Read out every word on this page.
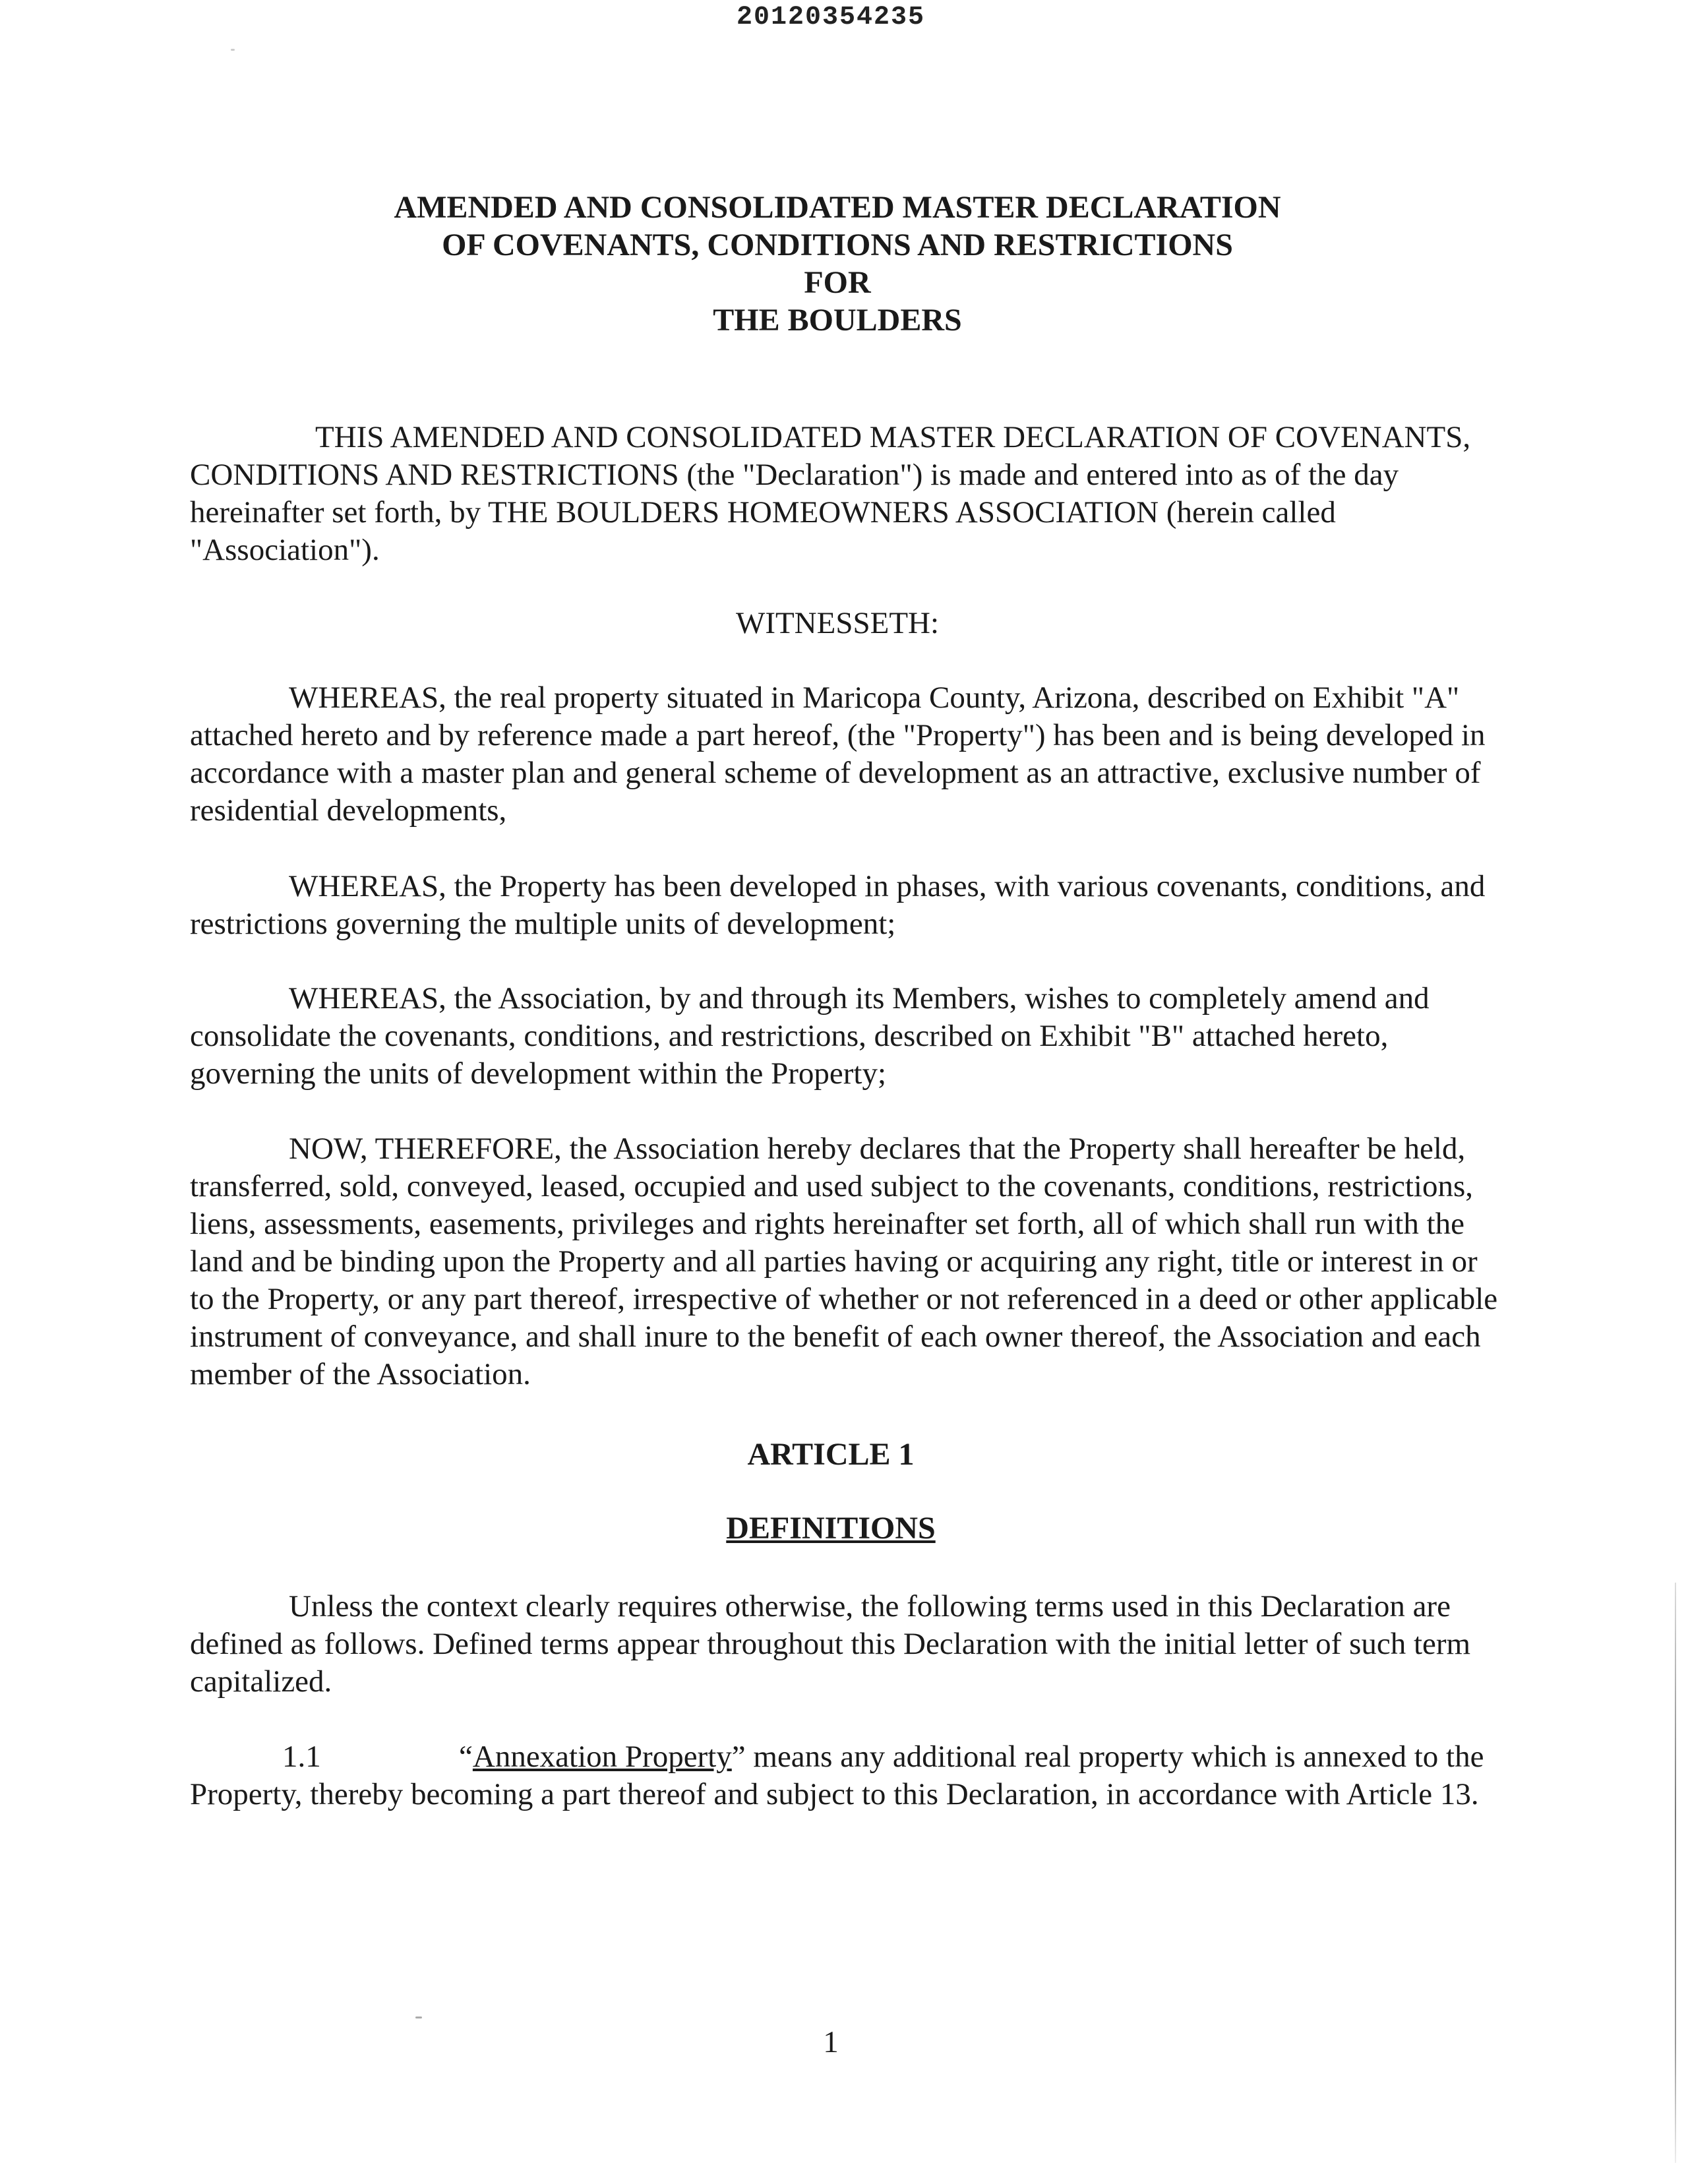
20120354235
AMENDED AND CONSOLIDATED MASTER DECLARATION
OF COVENANTS, CONDITIONS AND RESTRICTIONS
FOR
THE BOULDERS

THIS AMENDED AND CONSOLIDATED MASTER DECLARATION OF COVENANTS, CONDITIONS AND RESTRICTIONS (the "Declaration") is made and entered into as of the day hereinafter set forth, by THE BOULDERS HOMEOWNERS ASSOCIATION (herein called "Association").

WITNESSETH:

WHEREAS, the real property situated in Maricopa County, Arizona, described on Exhibit "A" attached hereto and by reference made a part hereof, (the "Property") has been and is being developed in accordance with a master plan and general scheme of development as an attractive, exclusive number of residential developments,

WHEREAS, the Property has been developed in phases, with various covenants, conditions, and restrictions governing the multiple units of development;

WHEREAS, the Association, by and through its Members, wishes to completely amend and consolidate the covenants, conditions, and restrictions, described on Exhibit "B" attached hereto, governing the units of development within the Property;

NOW, THEREFORE, the Association hereby declares that the Property shall hereafter be held, transferred, sold, conveyed, leased, occupied and used subject to the covenants, conditions, restrictions, liens, assessments, easements, privileges and rights hereinafter set forth, all of which shall run with the land and be binding upon the Property and all parties having or acquiring any right, title or interest in or to the Property, or any part thereof, irrespective of whether or not referenced in a deed or other applicable instrument of conveyance, and shall inure to the benefit of each owner thereof, the Association and each member of the Association.

ARTICLE 1
DEFINITIONS

Unless the context clearly requires otherwise, the following terms used in this Declaration are defined as follows. Defined terms appear throughout this Declaration with the initial letter of such term capitalized.

1.1	“Annexation Property” means any additional real property which is annexed to the Property, thereby becoming a part thereof and subject to this Declaration, in accordance with Article 13.

1
